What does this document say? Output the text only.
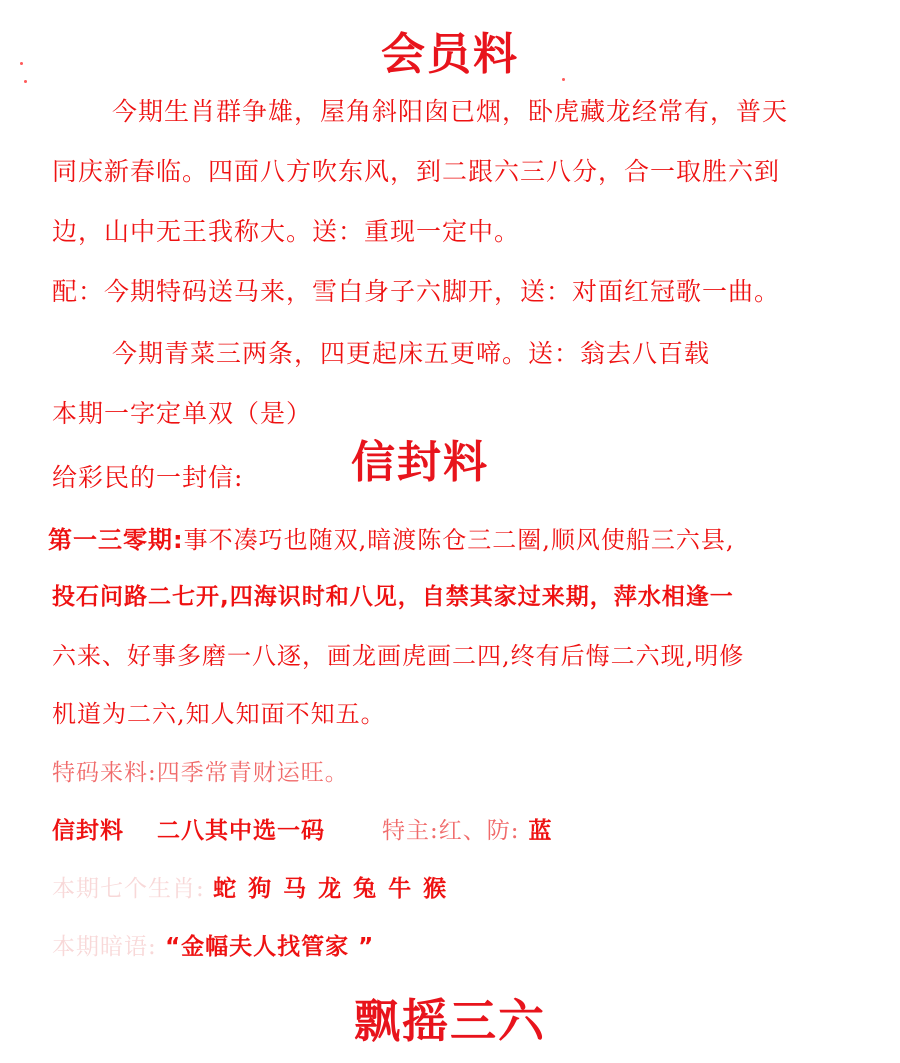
会员料
今期生肖群争雄，屋角斜阳囱已烟，卧虎藏龙经常有，普天
同庆新春临。四面八方吹东风，到二跟六三八分，合一取胜六到
边，山中无王我称大。送：重现一定中。
配：今期特码送马来，雪白身子六脚开，送：对面红冠歌一曲。
今期青菜三两条，四更起床五更啼。送：翁去八百载
本期一字定单双（是）
给彩民的一封信: 信封料
第一三零期:事不凑巧也随双,暗渡陈仓三二圈,顺风使船三六县,
投石问路二七开,四海识时和八见，自禁其家过来期，萍水相逢一
六来、好事多磨一八逐，画龙画虎画二四,终有后悔二六现,明修
机道为二六,知人知面不知五。
特码来料:四季常青财运旺。
信封料 二八其中选一码 特主:红、防: 蓝
本期七个生肖: 蛇 狗 马 龙 兔 牛 猴
本期暗语: “金幅夫人找管家 ”
飘摇三六
